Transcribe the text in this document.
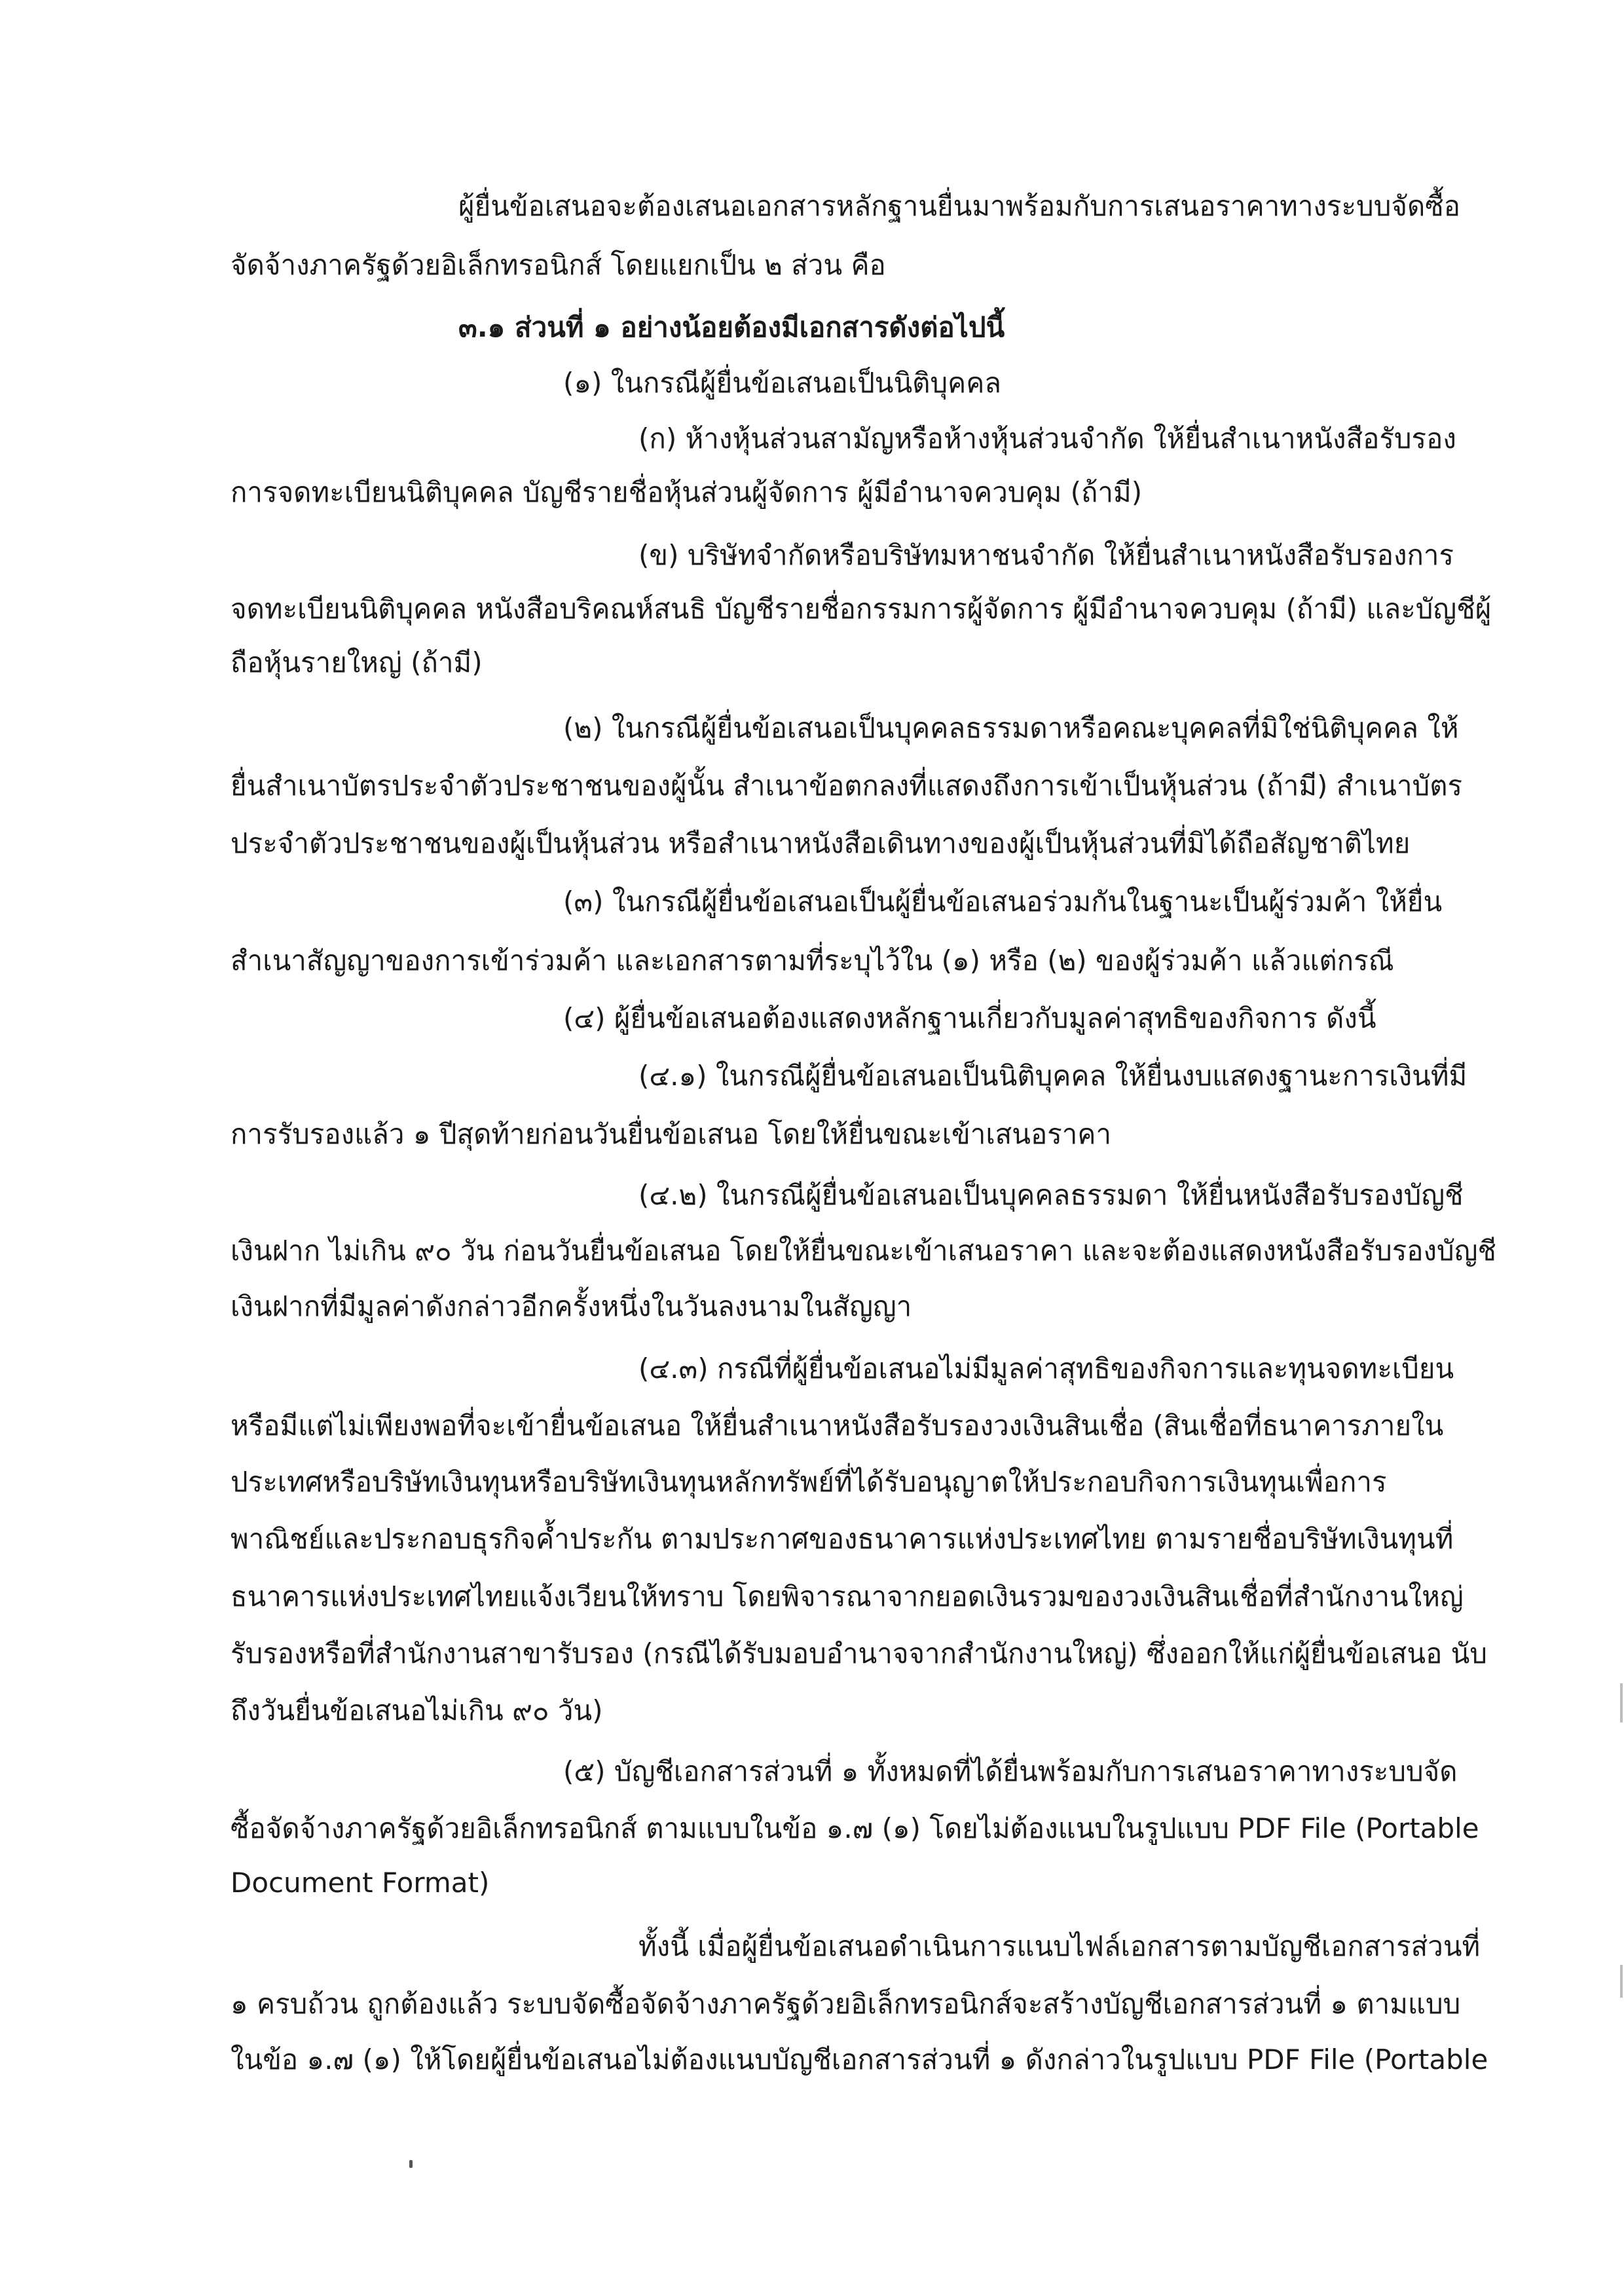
ผู้ยื่นข้อเสนอจะต้องเสนอเอกสารหลักฐานยื่นมาพร้อมกับการเสนอราคาทางระบบจัดซื้อ
จัดจ้างภาครัฐด้วยอิเล็กทรอนิกส์ โดยแยกเป็น ๒ ส่วน คือ
๓.๑ ส่วนที่ ๑ อย่างน้อยต้องมีเอกสารดังต่อไปนี้
(๑) ในกรณีผู้ยื่นข้อเสนอเป็นนิติบุคคล
(ก) ห้างหุ้นส่วนสามัญหรือห้างหุ้นส่วนจำกัด ให้ยื่นสำเนาหนังสือรับรอง
การจดทะเบียนนิติบุคคล บัญชีรายชื่อหุ้นส่วนผู้จัดการ ผู้มีอำนาจควบคุม (ถ้ามี)
(ข) บริษัทจำกัดหรือบริษัทมหาชนจำกัด ให้ยื่นสำเนาหนังสือรับรองการ
จดทะเบียนนิติบุคคล หนังสือบริคณห์สนธิ บัญชีรายชื่อกรรมการผู้จัดการ ผู้มีอำนาจควบคุม (ถ้ามี) และบัญชีผู้
ถือหุ้นรายใหญ่ (ถ้ามี)
(๒) ในกรณีผู้ยื่นข้อเสนอเป็นบุคคลธรรมดาหรือคณะบุคคลที่มิใช่นิติบุคคล ให้
ยื่นสำเนาบัตรประจำตัวประชาชนของผู้นั้น สำเนาข้อตกลงที่แสดงถึงการเข้าเป็นหุ้นส่วน (ถ้ามี) สำเนาบัตร
ประจำตัวประชาชนของผู้เป็นหุ้นส่วน หรือสำเนาหนังสือเดินทางของผู้เป็นหุ้นส่วนที่มิได้ถือสัญชาติไทย
(๓) ในกรณีผู้ยื่นข้อเสนอเป็นผู้ยื่นข้อเสนอร่วมกันในฐานะเป็นผู้ร่วมค้า ให้ยื่น
สำเนาสัญญาของการเข้าร่วมค้า และเอกสารตามที่ระบุไว้ใน (๑) หรือ (๒) ของผู้ร่วมค้า แล้วแต่กรณี
(๔) ผู้ยื่นข้อเสนอต้องแสดงหลักฐานเกี่ยวกับมูลค่าสุทธิของกิจการ ดังนี้
(๔.๑) ในกรณีผู้ยื่นข้อเสนอเป็นนิติบุคคล ให้ยื่นงบแสดงฐานะการเงินที่มี
การรับรองแล้ว ๑ ปีสุดท้ายก่อนวันยื่นข้อเสนอ โดยให้ยื่นขณะเข้าเสนอราคา
(๔.๒) ในกรณีผู้ยื่นข้อเสนอเป็นบุคคลธรรมดา ให้ยื่นหนังสือรับรองบัญชี
เงินฝาก ไม่เกิน ๙๐ วัน ก่อนวันยื่นข้อเสนอ โดยให้ยื่นขณะเข้าเสนอราคา และจะต้องแสดงหนังสือรับรองบัญชี
เงินฝากที่มีมูลค่าดังกล่าวอีกครั้งหนึ่งในวันลงนามในสัญญา
(๔.๓) กรณีที่ผู้ยื่นข้อเสนอไม่มีมูลค่าสุทธิของกิจการและทุนจดทะเบียน
หรือมีแต่ไม่เพียงพอที่จะเข้ายื่นข้อเสนอ ให้ยื่นสำเนาหนังสือรับรองวงเงินสินเชื่อ (สินเชื่อที่ธนาคารภายใน
ประเทศหรือบริษัทเงินทุนหรือบริษัทเงินทุนหลักทรัพย์ที่ได้รับอนุญาตให้ประกอบกิจการเงินทุนเพื่อการ
พาณิชย์และประกอบธุรกิจค้ำประกัน ตามประกาศของธนาคารแห่งประเทศไทย ตามรายชื่อบริษัทเงินทุนที่
ธนาคารแห่งประเทศไทยแจ้งเวียนให้ทราบ โดยพิจารณาจากยอดเงินรวมของวงเงินสินเชื่อที่สำนักงานใหญ่
รับรองหรือที่สำนักงานสาขารับรอง (กรณีได้รับมอบอำนาจจากสำนักงานใหญ่) ซึ่งออกให้แก่ผู้ยื่นข้อเสนอ นับ
ถึงวันยื่นข้อเสนอไม่เกิน ๙๐ วัน)
(๕) บัญชีเอกสารส่วนที่ ๑ ทั้งหมดที่ได้ยื่นพร้อมกับการเสนอราคาทางระบบจัด
ซื้อจัดจ้างภาครัฐด้วยอิเล็กทรอนิกส์ ตามแบบในข้อ ๑.๗ (๑) โดยไม่ต้องแนบในรูปแบบ PDF File (Portable
Document Format)
ทั้งนี้ เมื่อผู้ยื่นข้อเสนอดำเนินการแนบไฟล์เอกสารตามบัญชีเอกสารส่วนที่
๑ ครบถ้วน ถูกต้องแล้ว ระบบจัดซื้อจัดจ้างภาครัฐด้วยอิเล็กทรอนิกส์จะสร้างบัญชีเอกสารส่วนที่ ๑ ตามแบบ
ในข้อ ๑.๗ (๑) ให้โดยผู้ยื่นข้อเสนอไม่ต้องแนบบัญชีเอกสารส่วนที่ ๑ ดังกล่าวในรูปแบบ PDF File (Portable
